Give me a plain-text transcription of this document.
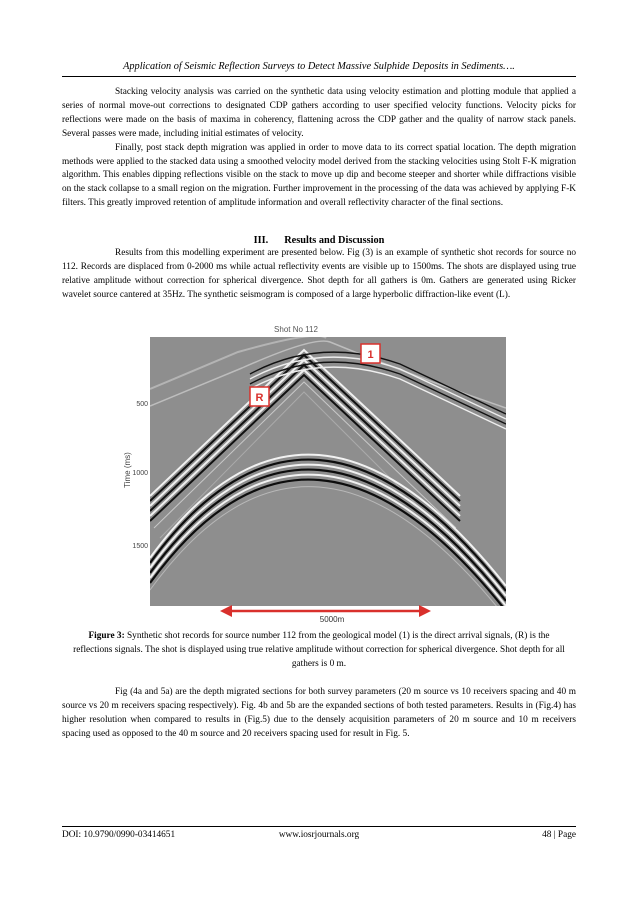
Application of Seismic Reflection Surveys to Detect Massive Sulphide Deposits in Sediments….

Stacking velocity analysis was carried on the synthetic data using velocity estimation and plotting module that applied a series of normal move-out corrections to designated CDP gathers according to user specified velocity functions. Velocity picks for reflections were made on the basis of maxima in coherency, flattening across the CDP gather and the quality of narrow stack panels. Several passes were made, including initial estimates of velocity.

Finally, post stack depth migration was applied in order to move data to its correct spatial location. The depth migration methods were applied to the stacked data using a smoothed velocity model derived from the stacking velocities using Stolt F-K migration algorithm. This enables dipping reflections visible on the stack to move up dip and become steeper and shorter while diffractions visible on the stack collapse to a small region on the migration. Further improvement in the processing of the data was achieved by applying F-K filters. This greatly improved retention of amplitude information and overall reflectivity character of the final sections.

III. Results and Discussion

Results from this modelling experiment are presented below. Fig (3) is an example of synthetic shot records for source no 112. Records are displaced from 0-2000 ms while actual reflectivity events are visible up to 1500ms. The shots are displayed using true relative amplitude without correction for spherical divergence. Shot depth for all gathers is 0m. Gathers are generated using Ricker wavelet source cantered at 35Hz. The synthetic seismogram is composed of a large hyperbolic diffraction-like event (L).

Shot No 112
Time (ms)
500
1000
1500
1
R
5000m
Figure 3: Synthetic shot records for source number 112 from the geological model (1) is the direct arrival signals, (R) is the reflections signals. The shot is displayed using true relative amplitude without correction for spherical divergence. Shot depth for all gathers is 0 m.

Fig (4a and 5a) are the depth migrated sections for both survey parameters (20 m source vs 10 receivers spacing and 40 m source vs 20 m receivers spacing respectively). Fig. 4b and 5b are the expanded sections of both tested parameters. Results in (Fig.4) has higher resolution when compared to results in (Fig.5) due to the densely acquisition parameters of 20 m source and 10 m receivers spacing used as opposed to the 40 m source and 20 receivers spacing used for result in Fig. 5.

DOI: 10.9790/0990-03414651	www.iosrjournals.org	48 | Page
